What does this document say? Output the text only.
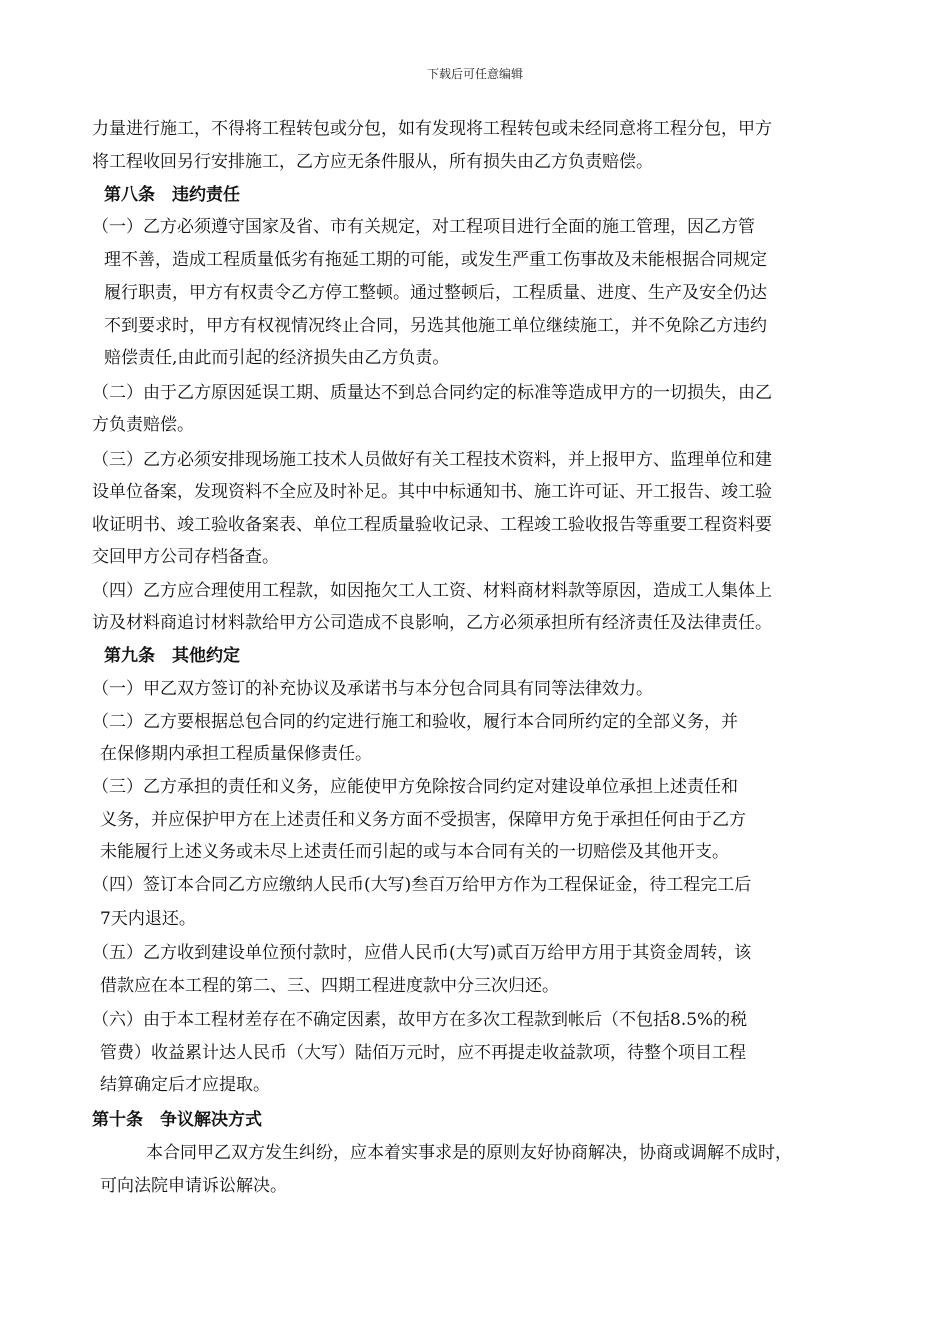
下载后可任意编辑
力量进行施工，不得将工程转包或分包，如有发现将工程转包或未经同意将工程分包，甲方
将工程收回另行安排施工，乙方应无条件服从，所有损失由乙方负责赔偿。
第八条　违约责任
（一）乙方必须遵守国家及省、市有关规定，对工程项目进行全面的施工管理，因乙方管
理不善，造成工程质量低劣有拖延工期的可能，或发生严重工伤事故及未能根据合同规定
履行职责，甲方有权责令乙方停工整顿。通过整顿后，工程质量、进度、生产及安全仍达
不到要求时，甲方有权视情况终止合同，另选其他施工单位继续施工，并不免除乙方违约
赔偿责任,由此而引起的经济损失由乙方负责。
（二）由于乙方原因延误工期、质量达不到总合同约定的标准等造成甲方的一切损失，由乙
方负责赔偿。
（三）乙方必须安排现场施工技术人员做好有关工程技术资料，并上报甲方、监理单位和建
设单位备案，发现资料不全应及时补足。其中中标通知书、施工许可证、开工报告、竣工验
收证明书、竣工验收备案表、单位工程质量验收记录、工程竣工验收报告等重要工程资料要
交回甲方公司存档备查。
（四）乙方应合理使用工程款，如因拖欠工人工资、材料商材料款等原因，造成工人集体上
访及材料商追讨材料款给甲方公司造成不良影响，乙方必须承担所有经济责任及法律责任。
第九条　其他约定
（一）甲乙双方签订的补充协议及承诺书与本分包合同具有同等法律效力。
（二）乙方要根据总包合同的约定进行施工和验收，履行本合同所约定的全部义务，并
在保修期内承担工程质量保修责任。
（三）乙方承担的责任和义务，应能使甲方免除按合同约定对建设单位承担上述责任和
义务，并应保护甲方在上述责任和义务方面不受损害，保障甲方免于承担任何由于乙方
未能履行上述义务或未尽上述责任而引起的或与本合同有关的一切赔偿及其他开支。
（四）签订本合同乙方应缴纳人民币(大写)叁百万给甲方作为工程保证金，待工程完工后
7天内退还。
（五）乙方收到建设单位预付款时，应借人民币(大写)贰百万给甲方用于其资金周转，该
借款应在本工程的第二、三、四期工程进度款中分三次归还。
（六）由于本工程材差存在不确定因素，故甲方在多次工程款到帐后（不包括8.5%的税
管费）收益累计达人民币（大写）陆佰万元时，应不再提走收益款项，待整个项目工程
结算确定后才应提取。
第十条　争议解决方式
本合同甲乙双方发生纠纷，应本着实事求是的原则友好协商解决，协商或调解不成时，
可向法院申请诉讼解决。
